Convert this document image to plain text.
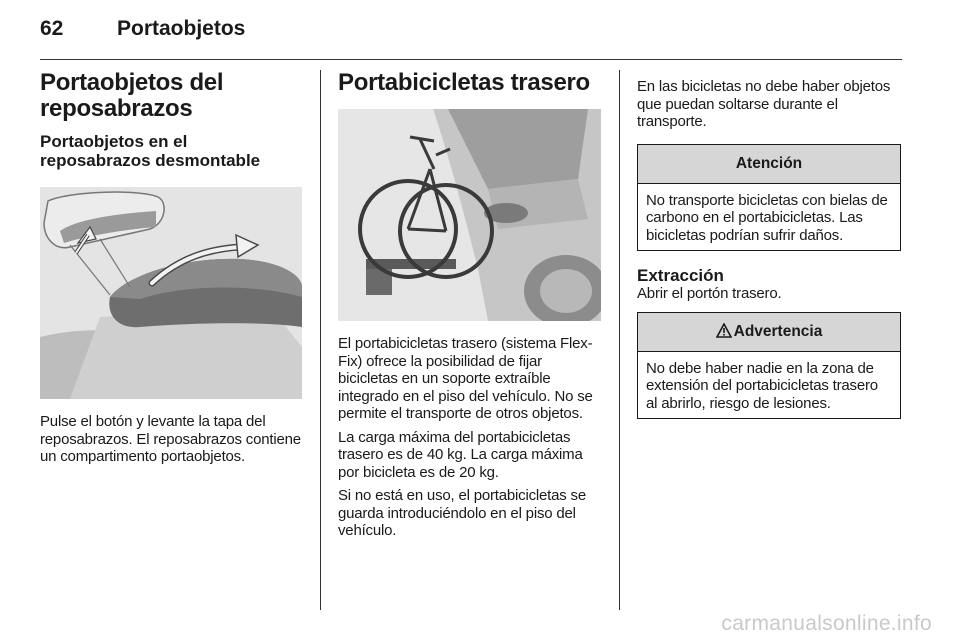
62	Portaobjetos
Portaobjetos del reposabrazos
Portaobjetos en el reposabrazos desmontable

Pulse el botón y levante la tapa del reposabrazos. El reposabrazos contiene un compartimento portaobjetos.

Portabicicletas trasero

El portabicicletas trasero (sistema Flex-Fix) ofrece la posibilidad de fijar bicicletas en un soporte extraíble integrado en el piso del vehículo. No se permite el transporte de otros objetos.

La carga máxima del portabicicletas trasero es de 40 kg. La carga máxima por bicicleta es de 20 kg.

Si no está en uso, el portabicicletas se guarda introduciéndolo en el piso del vehículo.

En las bicicletas no debe haber objetos que puedan soltarse durante el transporte.

Atención

No transporte bicicletas con bielas de carbono en el portabicicletas. Las bicicletas podrían sufrir daños.

Extracción

Abrir el portón trasero.

Advertencia

No debe haber nadie en la zona de extensión del portabicicletas trasero al abrirlo, riesgo de lesiones.

carmanualsonline.info
